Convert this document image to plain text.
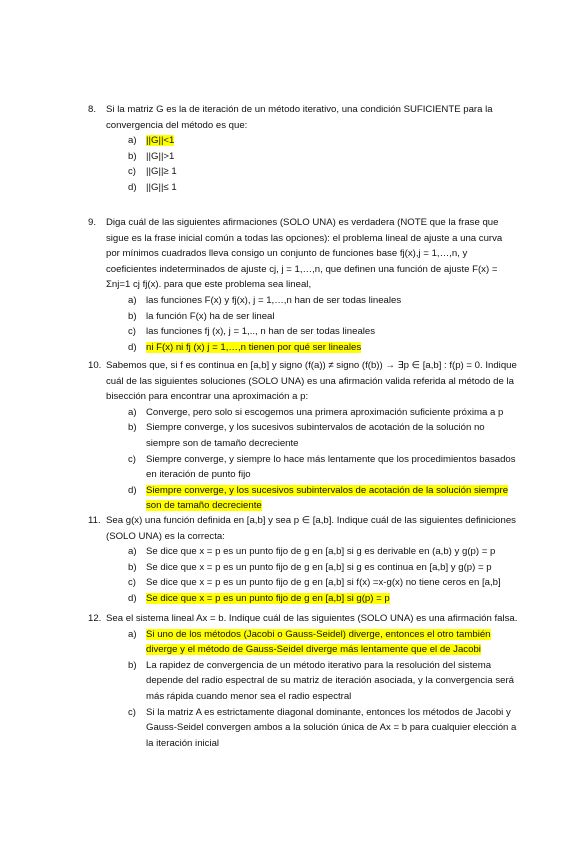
8.	Si la matriz G es la de iteración de un método iterativo, una condición SUFICIENTE para la convergencia del método es que:
a) ||G||<1
b) ||G||>1
c) ||G||≥ 1
d) ||G||≤ 1
9.	Diga cuál de las siguientes afirmaciones (SOLO UNA) es verdadera (NOTE que la frase que sigue es la frase inicial común a todas las opciones): el problema lineal de ajuste a una curva por mínimos cuadrados lleva consigo un conjunto de funciones base fj(x),j = 1,…,n, y coeficientes indeterminados de ajuste cj, j = 1,…,n, que definen una función de ajuste F(x) = Σnj=1 cj fj(x). para que este problema sea lineal,
a) las funciones F(x) y fj(x), j = 1,…,n han de ser todas lineales
b) la función F(x) ha de ser lineal
c) las funciones fj (x), j = 1,.., n han de ser todas lineales
d) ni F(x) ni fj (x) j = 1,…,n tienen por qué ser lineales
10. Sabemos que, si f es continua en [a,b] y signo (f(a)) ≠ signo (f(b)) → ∃p ∈ [a,b] : f(p) = 0. Indique cuál de las siguientes soluciones (SOLO UNA) es una afirmación valida referida al método de la bisección para encontrar una aproximación a p:
a) Converge, pero solo si escogemos una primera aproximación suficiente próxima a p
b) Siempre converge, y los sucesivos subintervalos de acotación de la solución no siempre son de tamaño decreciente
c) Siempre converge, y siempre lo hace más lentamente que los procedimientos basados en iteración de punto fijo
d) Siempre converge, y los sucesivos subintervalos de acotación de la solución siempre son de tamaño decreciente
11. Sea g(x) una función definida en [a,b] y sea p ∈ [a,b]. Indique cuál de las siguientes definiciones (SOLO UNA) es la correcta:
a) Se dice que x = p es un punto fijo de g en [a,b] si g es derivable en (a,b) y g(p) = p
b) Se dice que x = p es un punto fijo de g en [a,b] si g es continua en [a,b] y g(p) = p
c) Se dice que x = p es un punto fijo de g en [a,b] si f(x) =x-g(x) no tiene ceros en [a,b]
d) Se dice que x = p es un punto fijo de g en [a,b] si g(p) = p
12. Sea el sistema lineal Ax = b. Indique cuál de las siguientes (SOLO UNA) es una afirmación falsa.
a) Si uno de los métodos (Jacobi o Gauss-Seidel) diverge, entonces el otro también diverge y el método de Gauss-Seidel diverge más lentamente que el de Jacobi
b) La rapidez de convergencia de un método iterativo para la resolución del sistema depende del radio espectral de su matriz de iteración asociada, y la convergencia será más rápida cuando menor sea el radio espectral
c) Si la matriz A es estrictamente diagonal dominante, entonces los métodos de Jacobi y Gauss-Seidel convergen ambos a la solución única de Ax = b para cualquier elección a la iteración inicial
